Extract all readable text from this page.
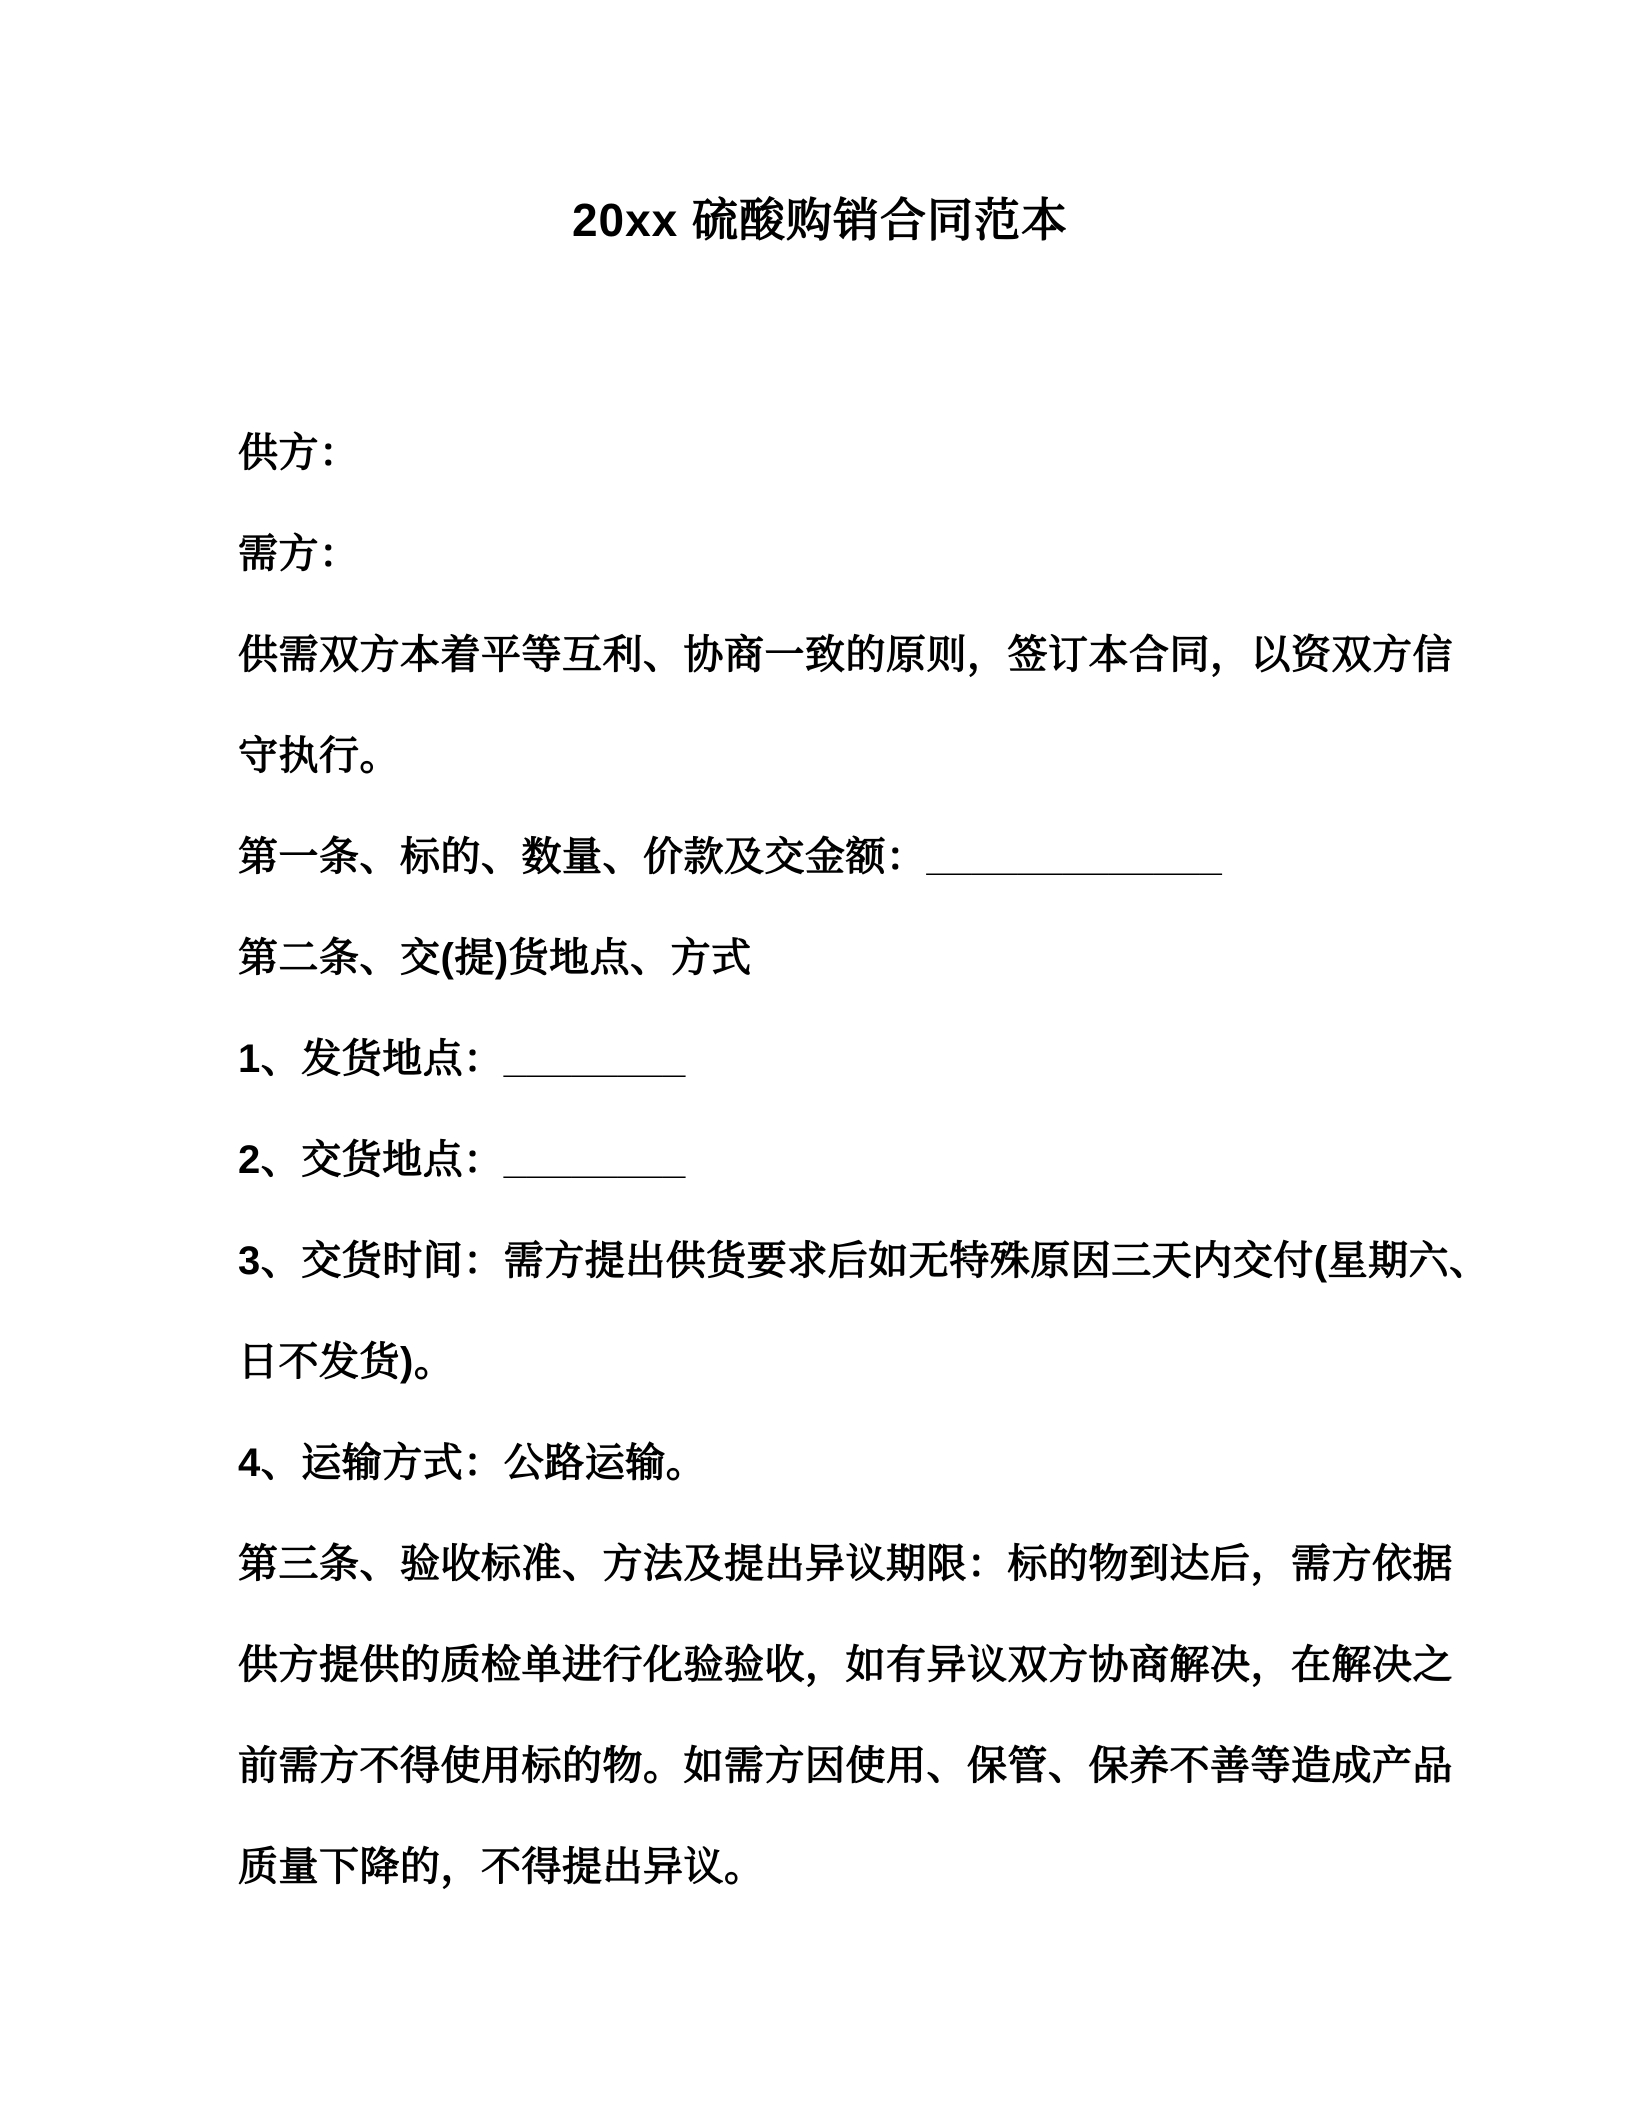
20xx 硫酸购销合同范本

供方：

需方：

供需双方本着平等互利、协商一致的原则，签订本合同，以资双方信

守执行。

第一条、标的、数量、价款及交金额：_____________

第二条、交(提)货地点、方式

1、发货地点：________

2、交货地点：________

3、交货时间：需方提出供货要求后如无特殊原因三天内交付(星期六、

日不发货)。

4、运输方式：公路运输。

第三条、验收标准、方法及提出异议期限：标的物到达后，需方依据

供方提供的质检单进行化验验收，如有异议双方协商解决，在解决之

前需方不得使用标的物。如需方因使用、保管、保养不善等造成产品

质量下降的，不得提出异议。
